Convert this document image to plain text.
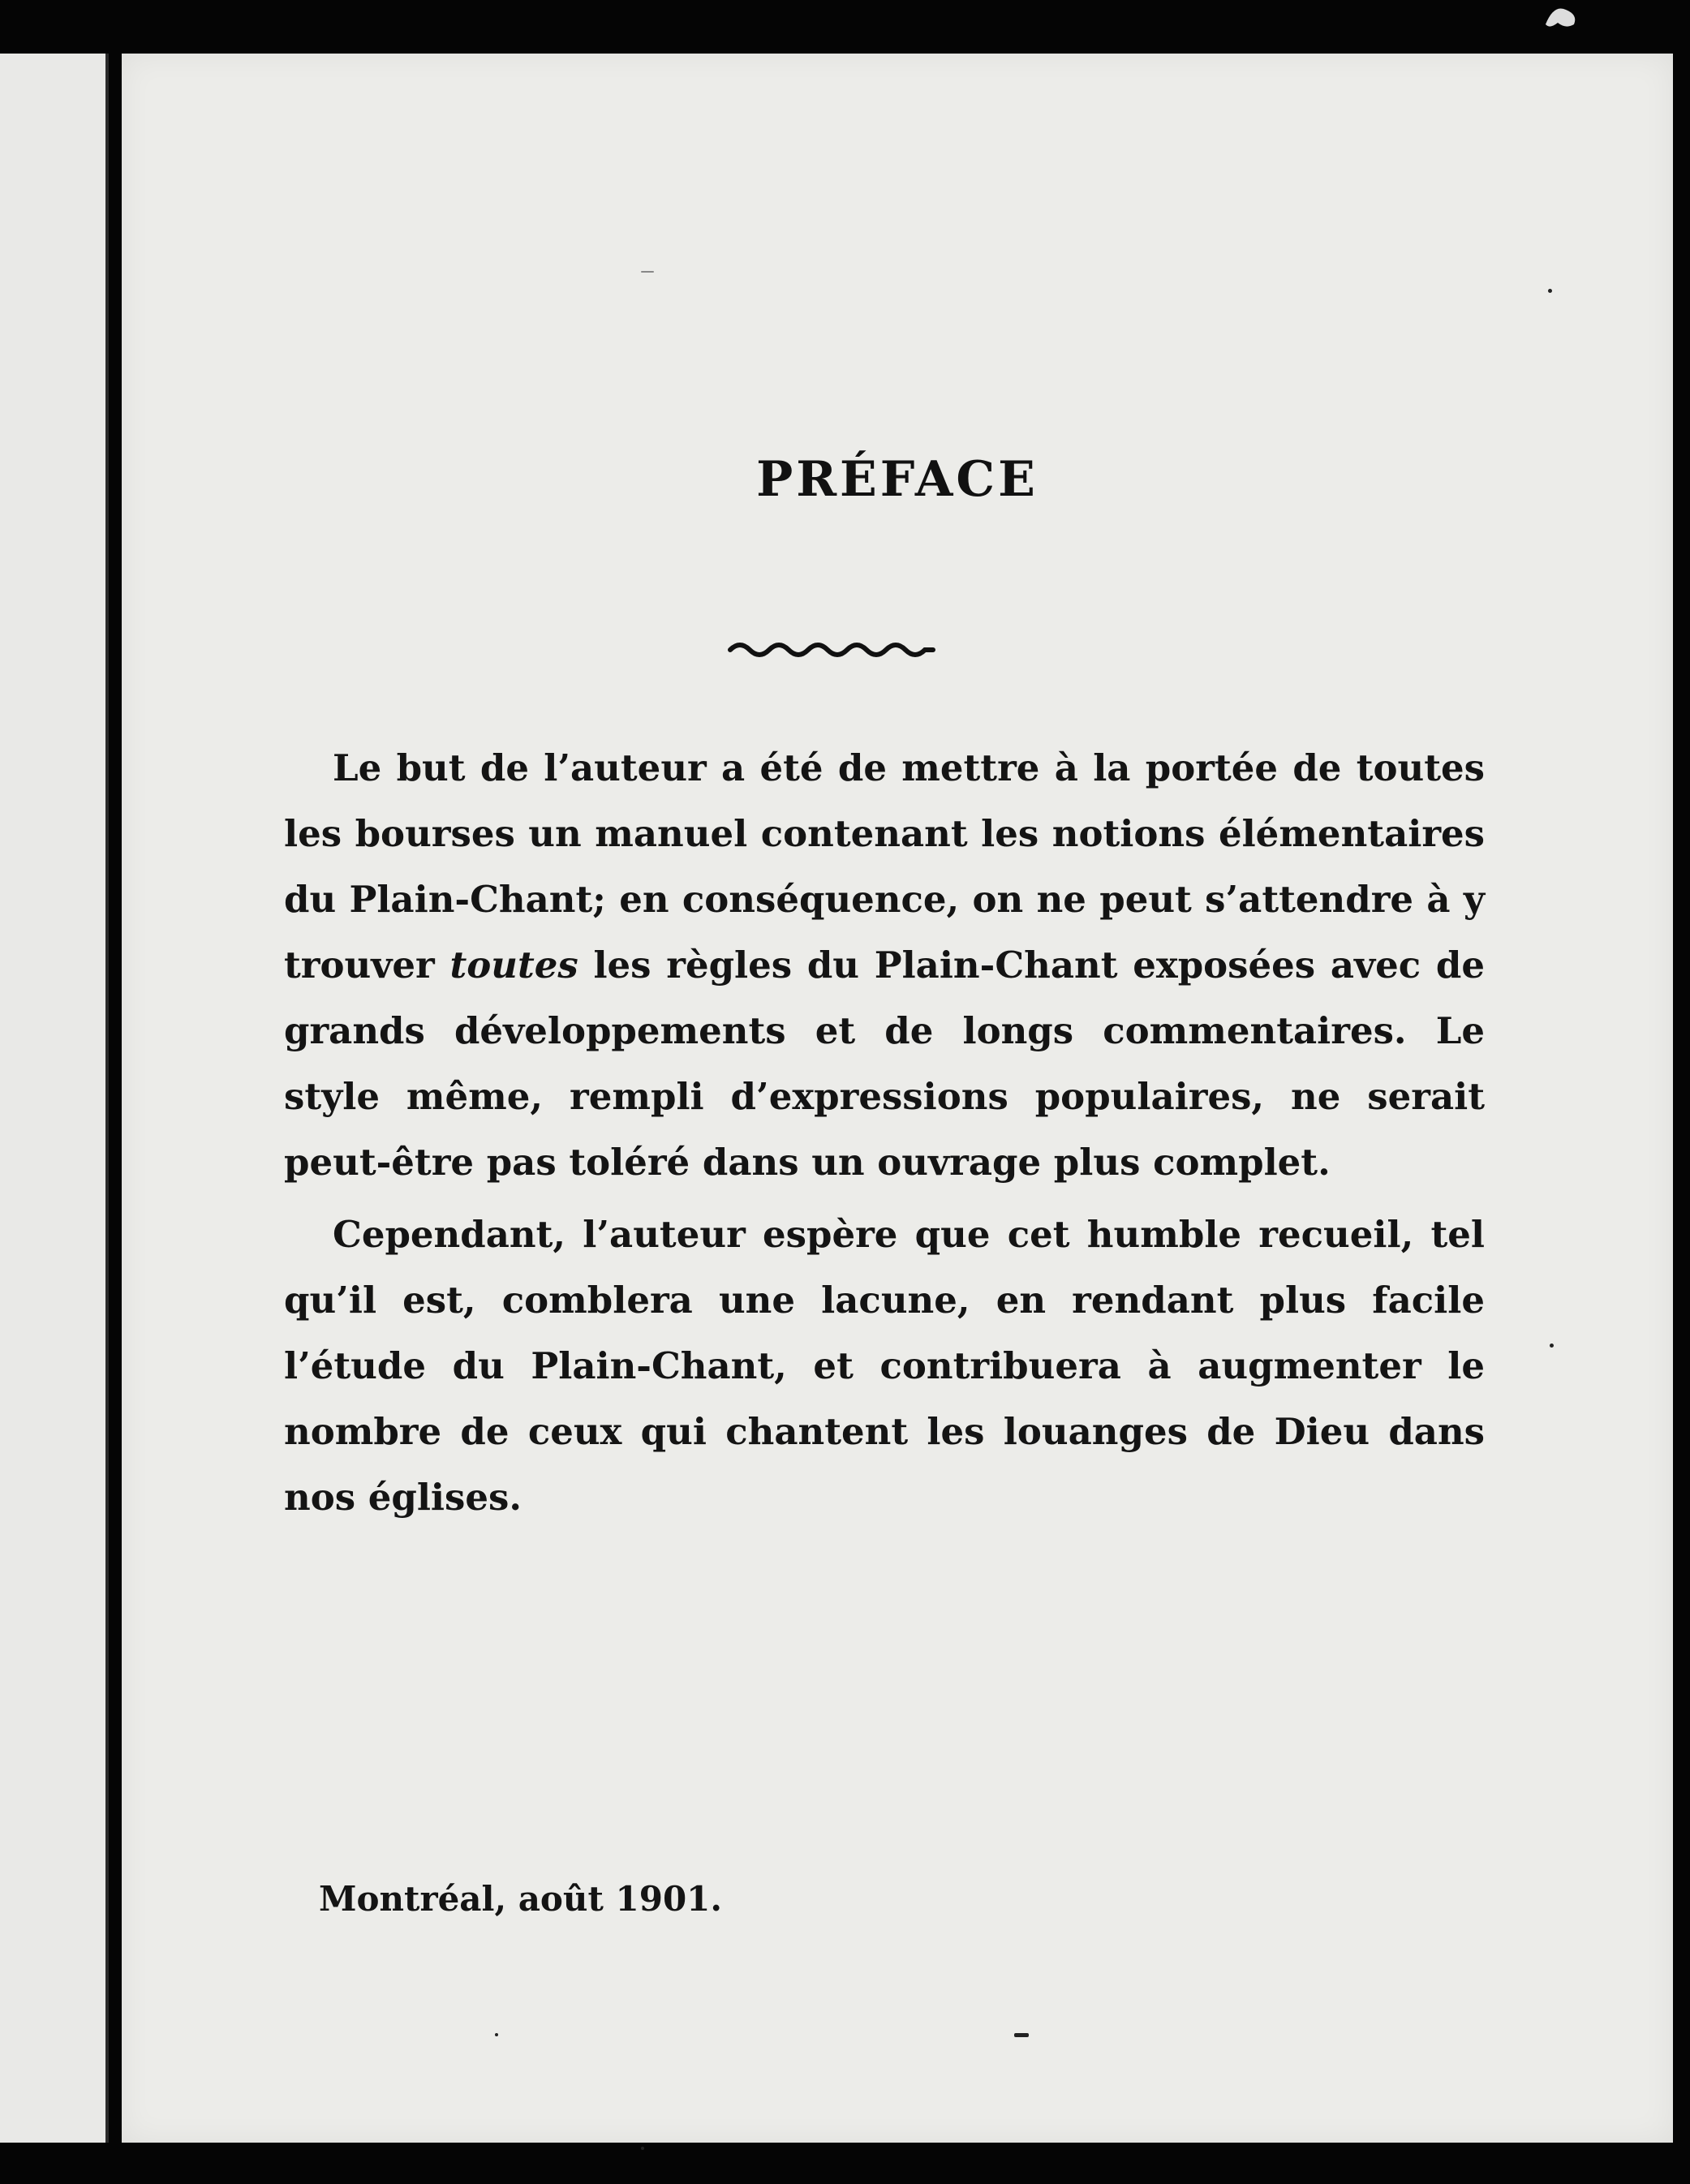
PRÉFACE

Le but de l’auteur a été de mettre à la portée de toutes les bourses un manuel contenant les notions élémentaires du Plain-Chant; en conséquence, on ne peut s’attendre à y trouver toutes les règles du Plain-Chant exposées avec de grands développements et de longs commentaires. Le style même, rempli d’expressions populaires, ne serait peut-être pas toléré dans un ouvrage plus complet.

Cependant, l’auteur espère que cet humble recueil, tel qu’il est, comblera une lacune, en rendant plus facile l’étude du Plain-Chant, et contribuera à augmenter le nombre de ceux qui chantent les louanges de Dieu dans nos églises.

Montréal, août 1901.
